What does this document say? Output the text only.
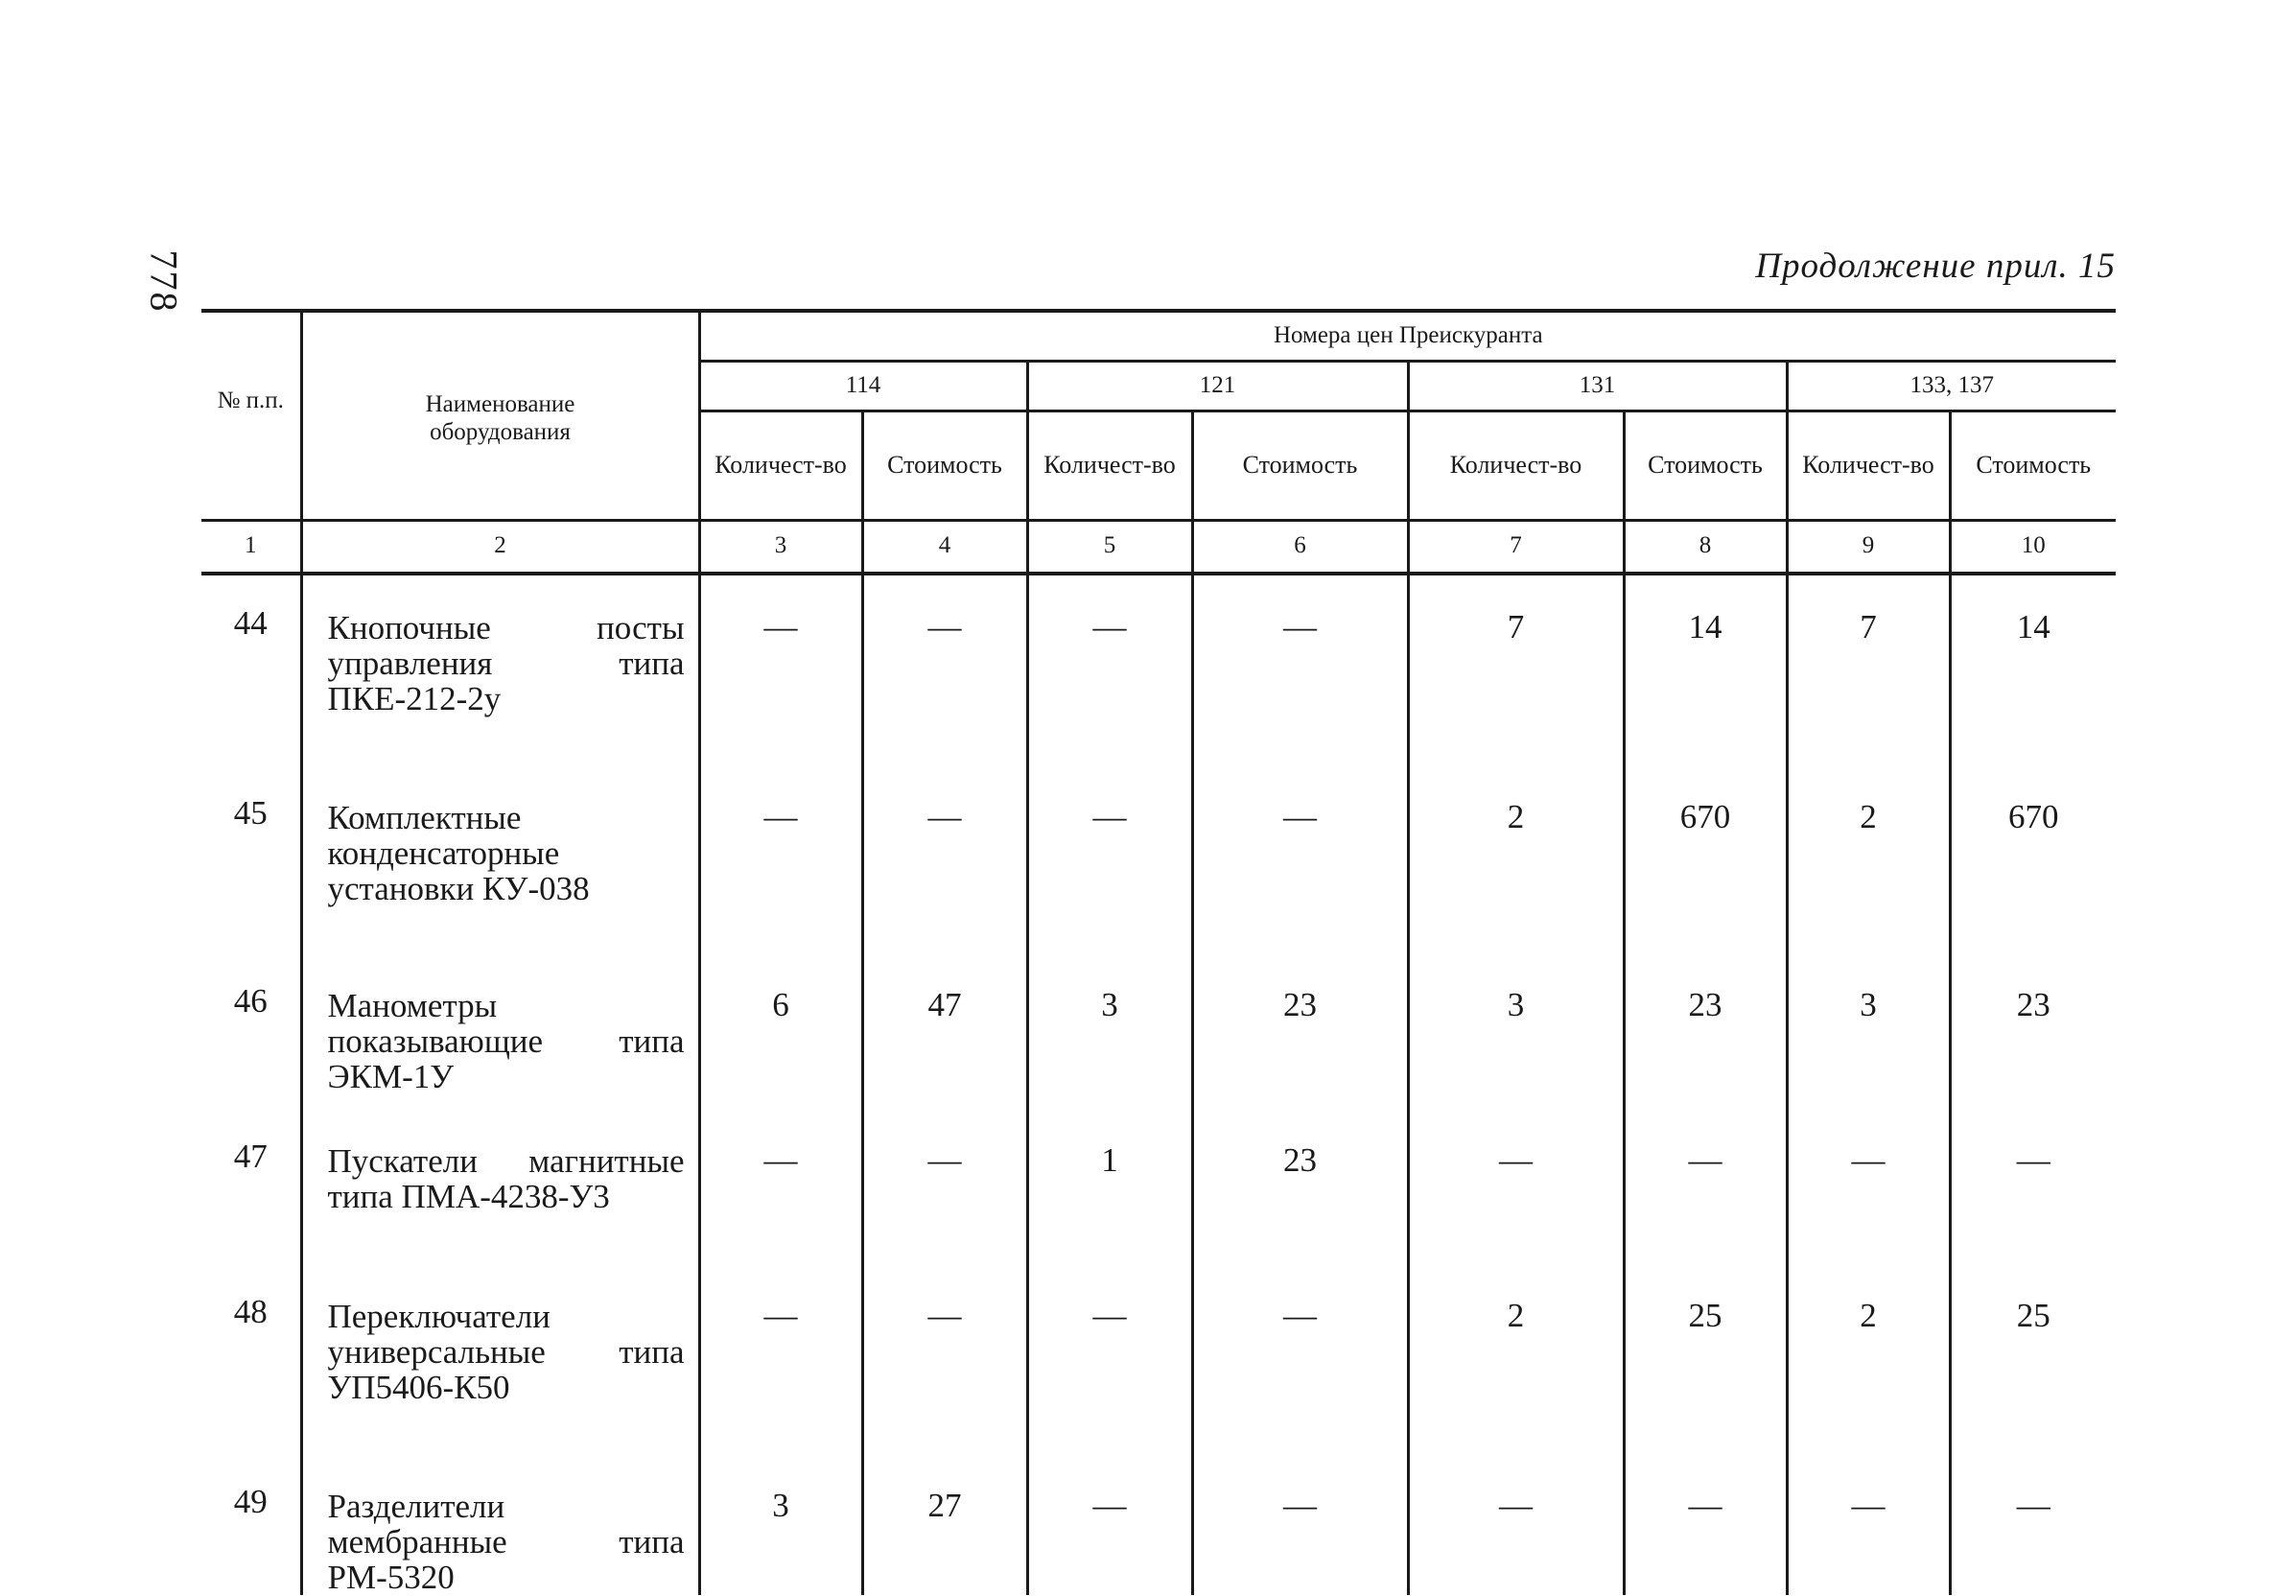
778	Продолжение прил. 15
№ п.п.	Наименование оборудования	Номера цен Преискуранта							
		114		121		131		133, 137	
		Количест-во	Стоимость	Количест-во	Стоимость	Количест-во	Стоимость	Количест-во	Стоимость
1	2	3	4	5	6	7	8	9	10
44	Кнопочные посты управления типа ПКЕ-212-2у	—	—	—	—	7	14	7	14
45	Комплектные конденсаторные установки КУ-038	—	—	—	—	2	670	2	670
46	Манометры показывающие типа ЭКМ-1У	6	47	3	23	3	23	3	23
47	Пускатели магнитные типа ПМА-4238-У3	—	—	1	23	—	—	—	—
48	Переключатели универсальные типа УП5406-К50	—	—	—	—	2	25	2	25
49	Разделители мембранные типа РМ-5320	3	27	—	—	—	—	—	—
